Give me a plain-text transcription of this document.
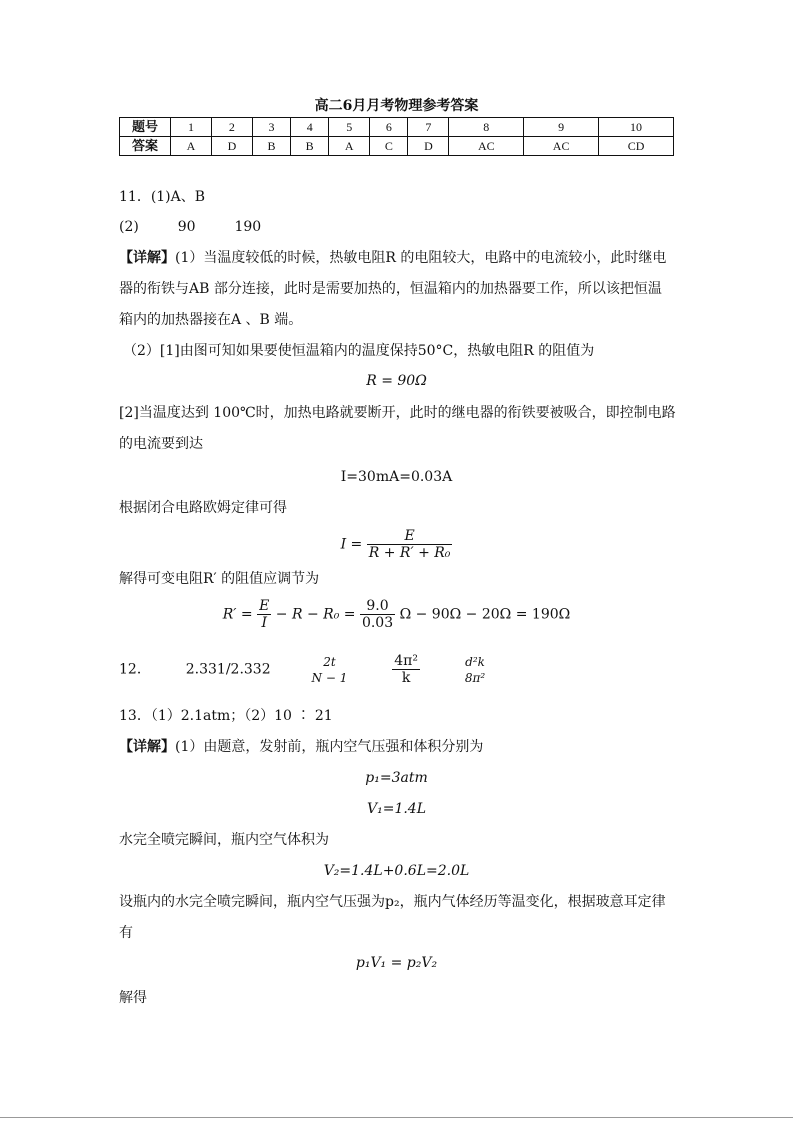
高二6月月考物理参考答案
题号	1	2	3	4	5	6	7	8	9	10
答案	A	D	B	B	A	C	D	AC	AC	CD
11．(1)A、B
(2)	90	190
【详解】(1）当温度较低的时候，热敏电阻R 的电阻较大，电路中的电流较小，此时继电
器的衔铁与AB 部分连接，此时是需要加热的，恒温箱内的加热器要工作，所以该把恒温
箱内的加热器接在A 、B 端。
（2）[1]由图可知如果要使恒温箱内的温度保持50°C，热敏电阻R 的阻值为
R = 90Ω
[2]当温度达到 100℃时，加热电路就要断开，此时的继电器的衔铁要被吸合，即控制电路
的电流要到达
I=30mA=0.03A
根据闭合电路欧姆定律可得
$I = \frac{E}{\text{R + R′ + R₀}}$
解得可变电阻R′ 的阻值应调节为
$R' = \frac{E}{I} - R - R_0 = \frac{9.0}{0.03}$ Ω − 90Ω − 20Ω = 190Ω
12． 2.331/2.332	2t
N − 1
	$\frac{\text{4π²}}{k}$
	d²k
8π²
13．（1）2.1atm；（2）10 ∶ 21
【详解】(1）由题意，发射前，瓶内空气压强和体积分别为
p₁=3atm
V₁=1.4L
水完全喷完瞬间，瓶内空气体积为
V₂=1.4L+0.6L=2.0L
设瓶内的水完全喷完瞬间，瓶内空气压强为p₂，瓶内气体经历等温变化，根据玻意耳定律
有
p₁V₁ = p₂V₂
解得
